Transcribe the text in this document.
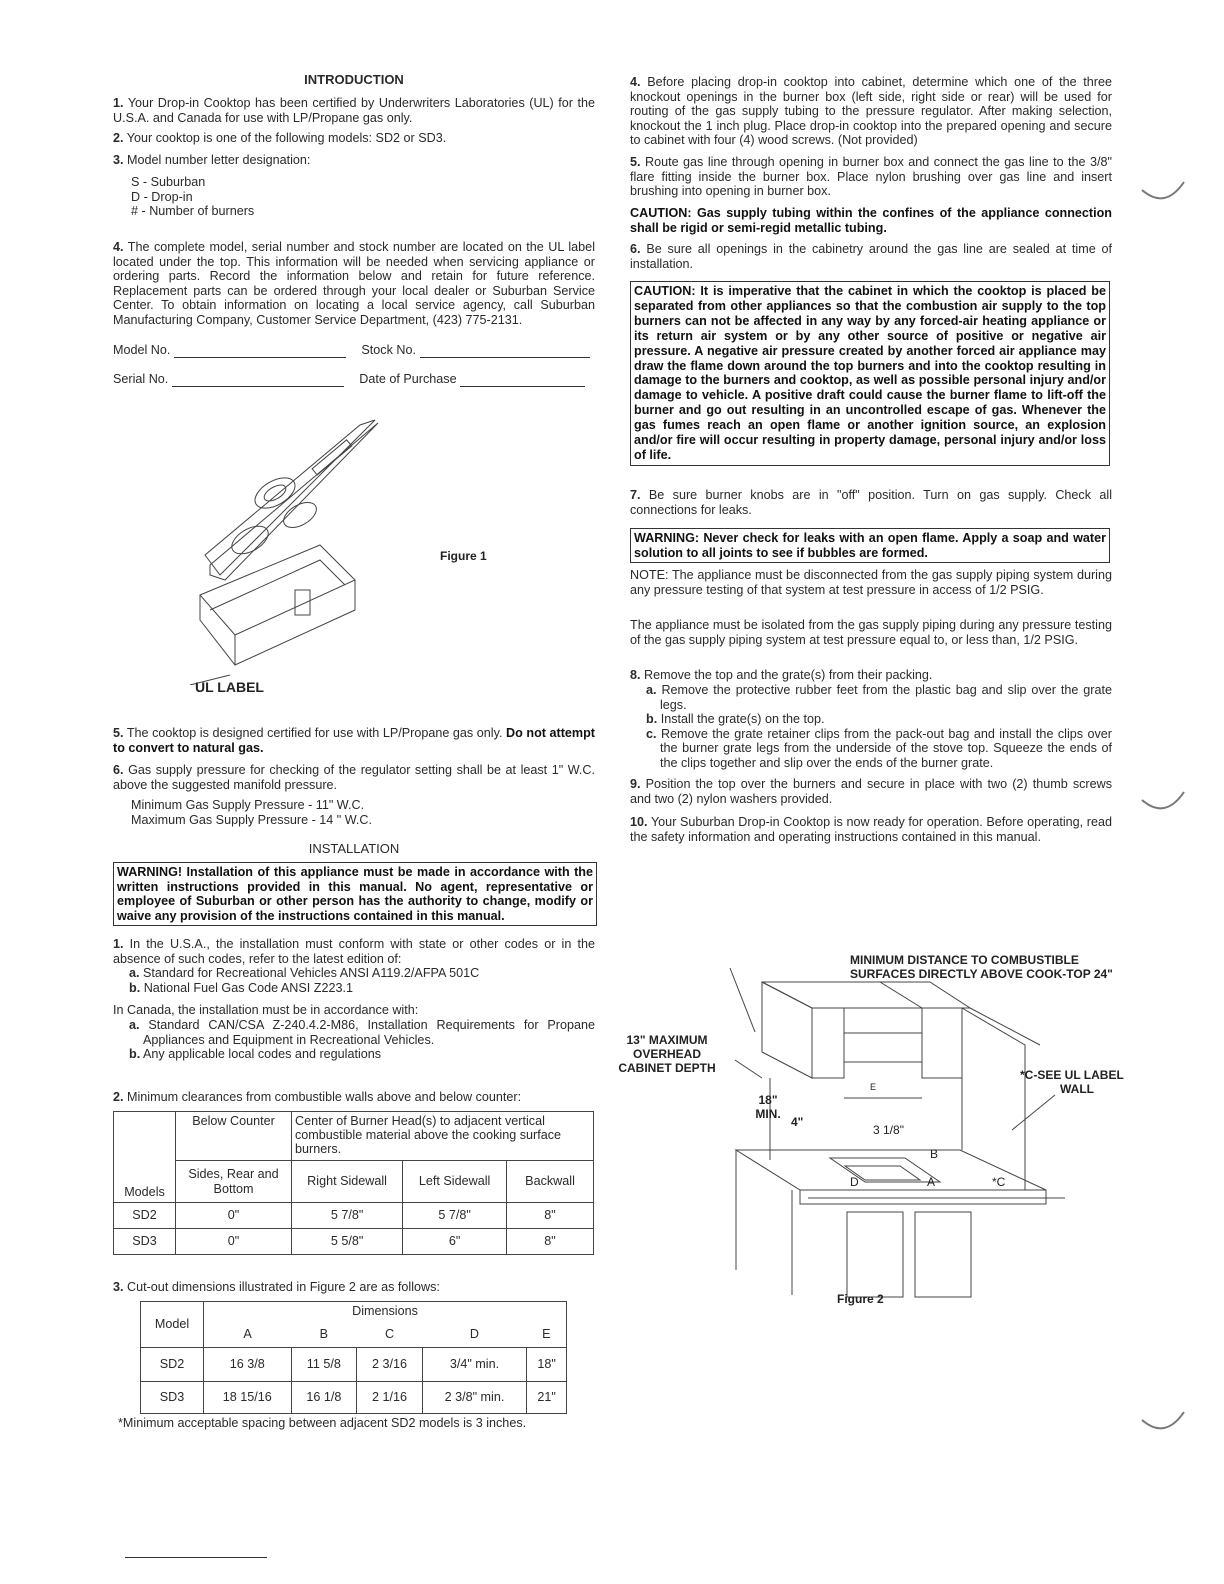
INTRODUCTION
1. Your Drop-in Cooktop has been certified by Underwriters Laboratories (UL) for the U.S.A. and Canada for use with LP/Propane gas only.
2. Your cooktop is one of the following models: SD2 or SD3.
3. Model number letter designation:
S - Suburban
D - Drop-in
# - Number of burners
4. The complete model, serial number and stock number are located on the UL label located under the top. This information will be needed when servicing appliance or ordering parts. Record the information below and retain for future reference. Replacement parts can be ordered through your local dealer or Suburban Service Center. To obtain information on locating a local service agency, call Suburban Manufacturing Company, Customer Service Department, (423) 775-2131.
Model No.	Stock No.
Serial No.	Date of Purchase
Figure 1
UL LABEL
5. The cooktop is designed certified for use with LP/Propane gas only. Do not attempt to convert to natural gas.
6. Gas supply pressure for checking of the regulator setting shall be at least 1" W.C. above the suggested manifold pressure.
Minimum Gas Supply Pressure - 11" W.C.
Maximum Gas Supply Pressure - 14 " W.C.
INSTALLATION
WARNING! Installation of this appliance must be made in accordance with the written instructions provided in this manual. No agent, representative or employee of Suburban or other person has the authority to change, modify or waive any provision of the instructions contained in this manual.
1. In the U.S.A., the installation must conform with state or other codes or in the absence of such codes, refer to the latest edition of:
a. Standard for Recreational Vehicles ANSI A119.2/AFPA 501C
b. National Fuel Gas Code ANSI Z223.1
In Canada, the installation must be in accordance with:
a. Standard CAN/CSA Z-240.4.2-M86, Installation Requirements for Propane Appliances and Equipment in Recreational Vehicles.
b. Any applicable local codes and regulations
2. Minimum clearances from combustible walls above and below counter:
Models	Below Counter	Center of Burner Head(s) to adjacent vertical combustible material above the cooking surface burners.		
	Sides, Rear and Bottom	Right Sidewall	Left Sidewall	Backwall
SD2	0"	5 7/8"	5 7/8"	8"
SD3	0"	5 5/8"	6"	8"
3. Cut-out dimensions illustrated in Figure 2 are as follows:
Model	Dimensions				
	A	B	C	D	E
SD2	16 3/8	11 5/8	2 3/16	3/4" min.	18"
SD3	18 15/16	16 1/8	2 1/16	2 3/8" min.	21"
*Minimum acceptable spacing between adjacent SD2 models is 3 inches.
4. Before placing drop-in cooktop into cabinet, determine which one of the three knockout openings in the burner box (left side, right side or rear) will be used for routing of the gas supply tubing to the pressure regulator. After making selection, knockout the 1 inch plug. Place drop-in cooktop into the prepared opening and secure to cabinet with four (4) wood screws. (Not provided)
5. Route gas line through opening in burner box and connect the gas line to the 3/8" flare fitting inside the burner box. Place nylon brushing over gas line and insert brushing into opening in burner box.
CAUTION: Gas supply tubing within the confines of the appliance connection shall be rigid or semi-regid metallic tubing.
6. Be sure all openings in the cabinetry around the gas line are sealed at time of installation.
CAUTION: It is imperative that the cabinet in which the cooktop is placed be separated from other appliances so that the combustion air supply to the top burners can not be affected in any way by any forced-air heating appliance or its return air system or by any other source of positive or negative air pressure. A negative air pressure created by another forced air appliance may draw the flame down around the top burners and into the cooktop resulting in damage to the burners and cooktop, as well as possible personal injury and/or damage to vehicle. A positive draft could cause the burner flame to lift-off the burner and go out resulting in an uncontrolled escape of gas. Whenever the gas fumes reach an open flame or another ignition source, an explosion and/or fire will occur resulting in property damage, personal injury and/or loss of life.
7. Be sure burner knobs are in "off" position. Turn on gas supply. Check all connections for leaks.
WARNING: Never check for leaks with an open flame. Apply a soap and water solution to all joints to see if bubbles are formed.
NOTE: The appliance must be disconnected from the gas supply piping system during any pressure testing of that system at test pressure in access of 1/2 PSIG.
The appliance must be isolated from the gas supply piping during any pressure testing of the gas supply piping system at test pressure equal to, or less than, 1/2 PSIG.
8. Remove the top and the grate(s) from their packing.
a. Remove the protective rubber feet from the plastic bag and slip over the grate legs.
b. Install the grate(s) on the top.
c. Remove the grate retainer clips from the pack-out bag and install the clips over the burner grate legs from the underside of the stove top. Squeeze the ends of the clips together and slip over the ends of the burner grate.
9. Position the top over the burners and secure in place with two (2) thumb screws and two (2) nylon washers provided.
10. Your Suburban Drop-in Cooktop is now ready for operation. Before operating, read the safety information and operating instructions contained in this manual.
MINIMUM DISTANCE TO COMBUSTIBLE SURFACES DIRECTLY ABOVE COOK-TOP 24"
13" MAXIMUM OVERHEAD CABINET DEPTH	*C-SEE UL LABEL
WALL
18" MIN.
4"
3 1/8"
E
B
A
D	*C
Figure 2
